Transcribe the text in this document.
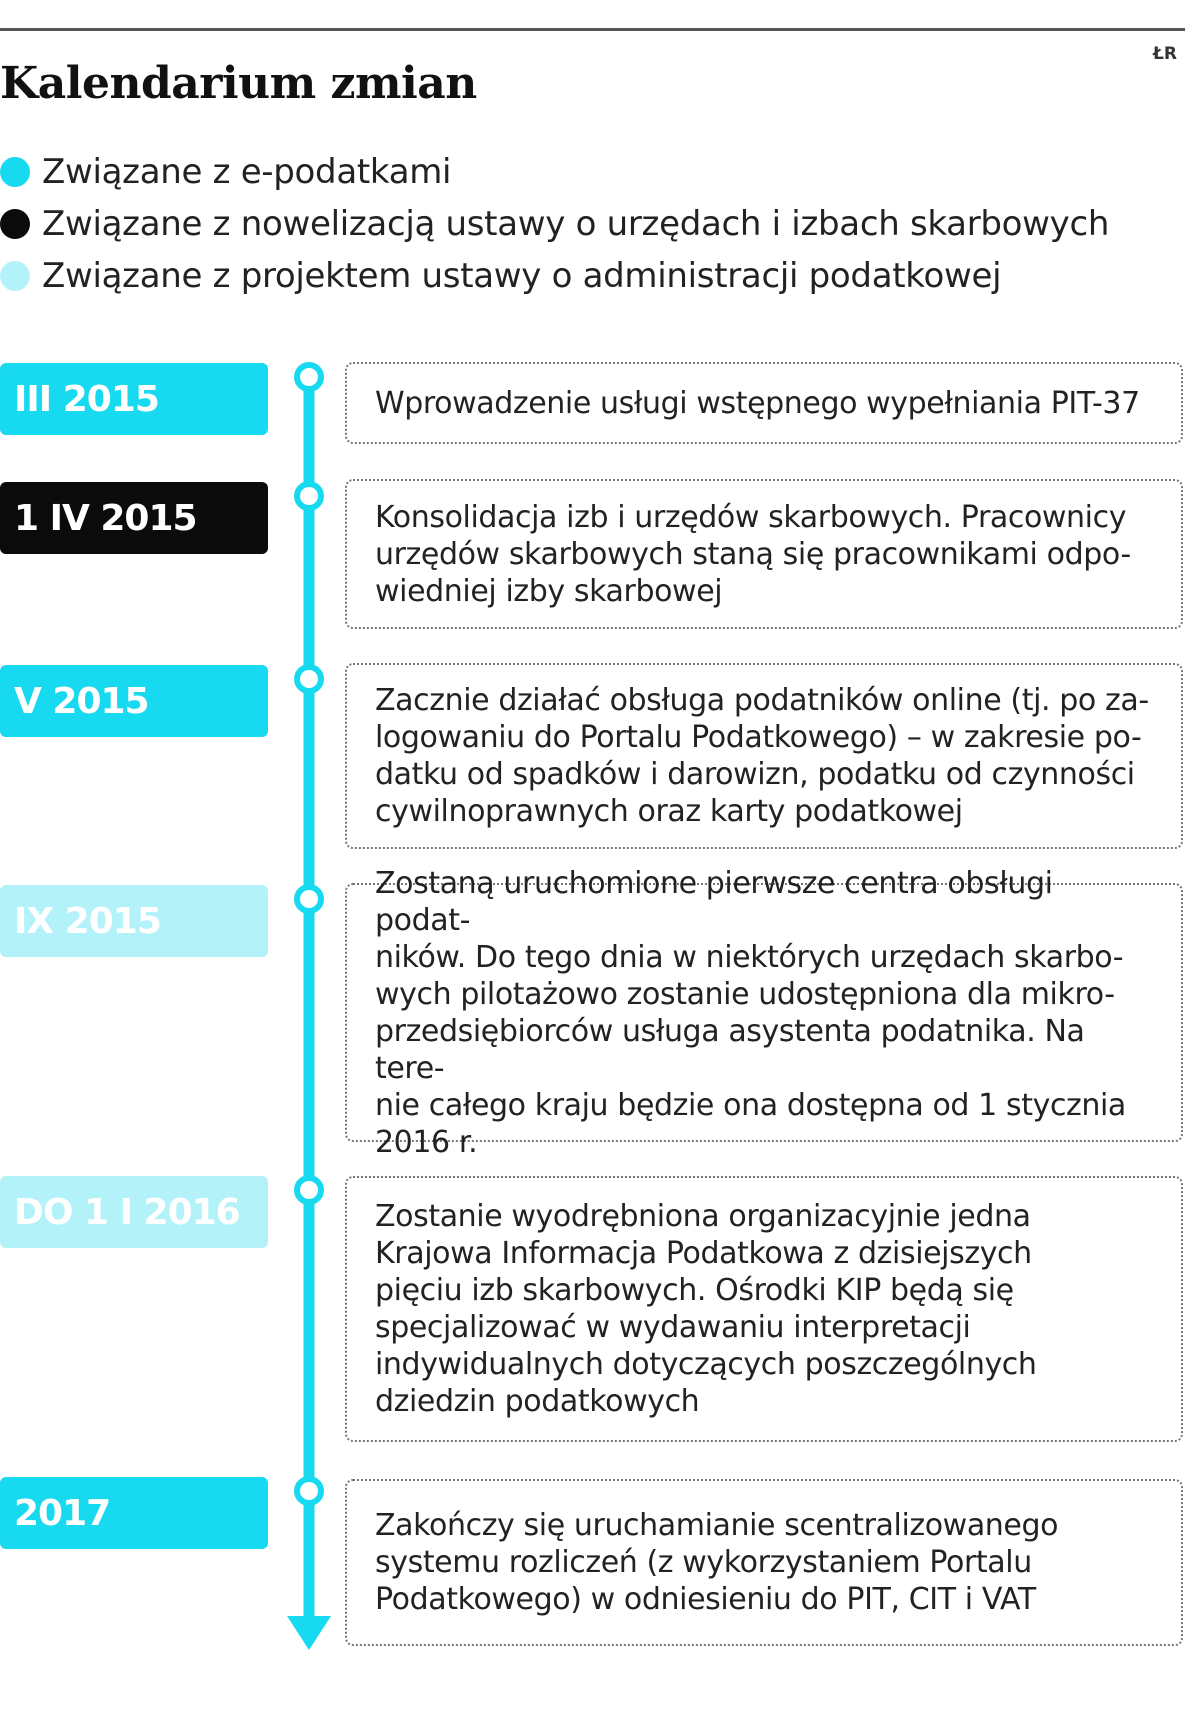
ŁR
Kalendarium zmian
Związane z e-podatkami
Związane z nowelizacją ustawy o urzędach i izbach skarbowych
Związane z projektem ustawy o administracji podatkowej
III 2015
1 IV 2015
V 2015
IX 2015
DO 1 I 2016
2017
Wprowadzenie usługi wstępnego wypełniania PIT-37
Konsolidacja izb i urzędów skarbowych. Pracownicy
urzędów skarbowych staną się pracownikami odpo-
wiedniej izby skarbowej
Zacznie działać obsługa podatników online (tj. po za-
logowaniu do Portalu Podatkowego) – w zakresie po-
datku od spadków i darowizn, podatku od czynności
cywilnoprawnych oraz karty podatkowej
Zostaną uruchomione pierwsze centra obsługi podat-
ników. Do tego dnia w niektórych urzędach skarbo-
wych pilotażowo zostanie udostępniona dla mikro-
przedsiębiorców usługa asystenta podatnika. Na tere-
nie całego kraju będzie ona dostępna od 1 stycznia
2016 r.
Zostanie wyodrębniona organizacyjnie jedna
Krajowa Informacja Podatkowa z dzisiejszych
pięciu izb skarbowych. Ośrodki KIP będą się
specjalizować w wydawaniu interpretacji
indywidualnych dotyczących poszczególnych
dziedzin podatkowych
Zakończy się uruchamianie scentralizowanego
systemu rozliczeń (z wykorzystaniem Portalu
Podatkowego) w odniesieniu do PIT, CIT i VAT
